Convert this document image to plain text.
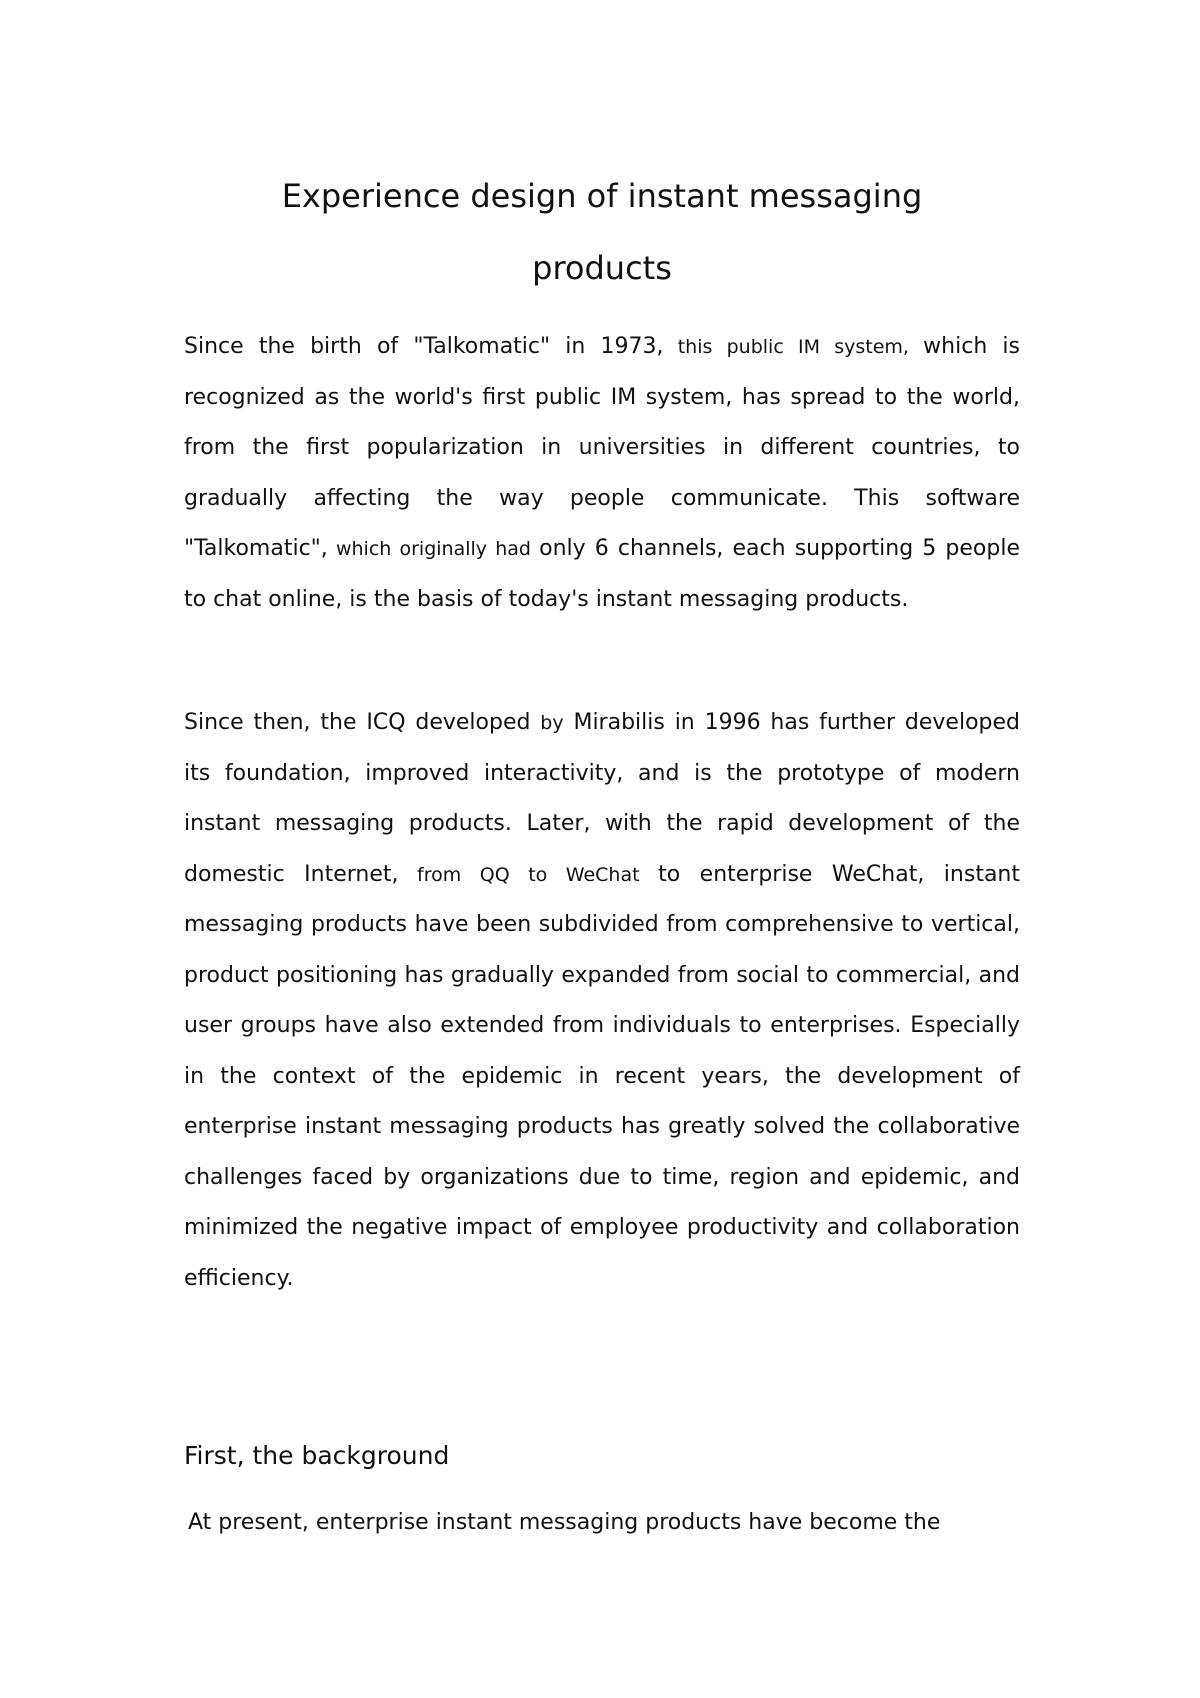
Experience design of instant messaging
products

Since the birth of "Talkomatic" in 1973, this public IM system, which is recognized as the world's first public IM system, has spread to the world, from the first popularization in universities in different countries, to gradually affecting the way people communicate. This software "Talkomatic", which originally had only 6 channels, each supporting 5 people to chat online, is the basis of today's instant messaging products.

Since then, the ICQ developed by Mirabilis in 1996 has further developed its foundation, improved interactivity, and is the prototype of modern instant messaging products. Later, with the rapid development of the domestic Internet, from QQ to WeChat to enterprise WeChat, instant messaging products have been subdivided from comprehensive to vertical, product positioning has gradually expanded from social to commercial, and user groups have also extended from individuals to enterprises. Especially in the context of the epidemic in recent years, the development of enterprise instant messaging products has greatly solved the collaborative challenges faced by organizations due to time, region and epidemic, and minimized the negative impact of employee productivity and collaboration efficiency.

First, the background

At present, enterprise instant messaging products have become the
